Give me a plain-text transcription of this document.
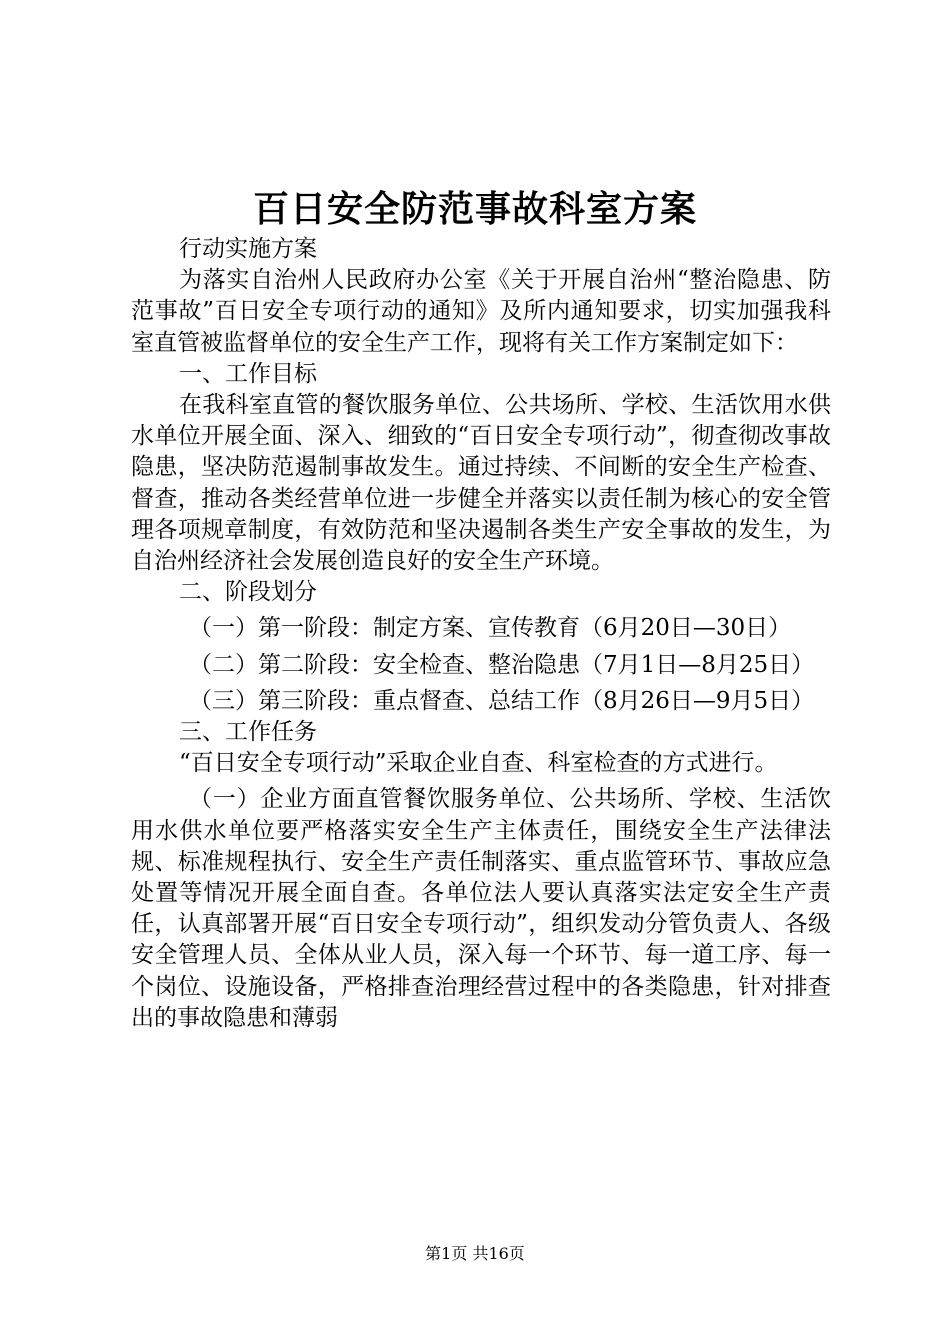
百日安全防范事故科室方案

行动实施方案

为落实自治州人民政府办公室《关于开展自治州“整治隐患、防范事故”百日安全专项行动的通知》及所内通知要求，切实加强我科室直管被监督单位的安全生产工作，现将有关工作方案制定如下：

一、工作目标

在我科室直管的餐饮服务单位、公共场所、学校、生活饮用水供水单位开展全面、深入、细致的“百日安全专项行动”，彻查彻改事故隐患，坚决防范遏制事故发生。通过持续、不间断的安全生产检查、督查，推动各类经营单位进一步健全并落实以责任制为核心的安全管理各项规章制度，有效防范和坚决遏制各类生产安全事故的发生，为自治州经济社会发展创造良好的安全生产环境。

二、阶段划分

（一）第一阶段：制定方案、宣传教育（6月20日—30日）

（二）第二阶段：安全检查、整治隐患（7月1日—8月25日）

（三）第三阶段：重点督查、总结工作（8月26日—9月5日）

三、工作任务

“百日安全专项行动”采取企业自查、科室检查的方式进行。

（一）企业方面直管餐饮服务单位、公共场所、学校、生活饮用水供水单位要严格落实安全生产主体责任，围绕安全生产法律法规、标准规程执行、安全生产责任制落实、重点监管环节、事故应急处置等情况开展全面自查。各单位法人要认真落实法定安全生产责任，认真部署开展“百日安全专项行动”，组织发动分管负责人、各级安全管理人员、全体从业人员，深入每一个环节、每一道工序、每一个岗位、设施设备，严格排查治理经营过程中的各类隐患，针对排查出的事故隐患和薄弱

第1页 共16页
